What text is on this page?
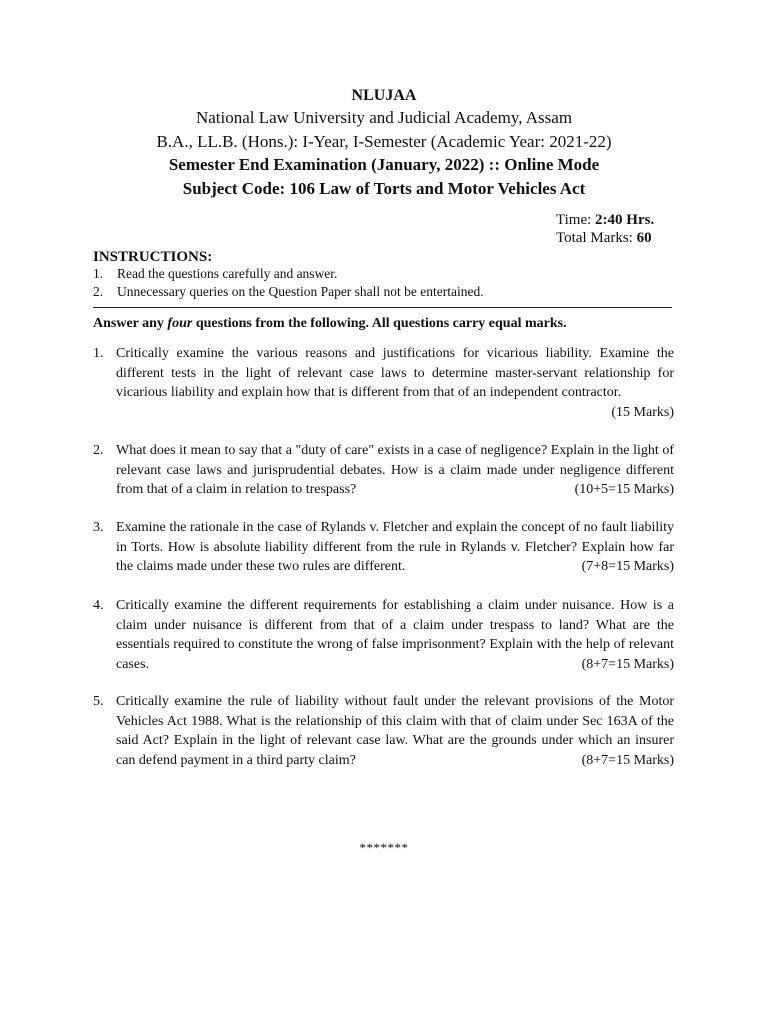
NLUJAA
National Law University and Judicial Academy, Assam
B.A., LL.B. (Hons.): I-Year, I-Semester (Academic Year: 2021-22)
Semester End Examination (January, 2022) :: Online Mode
Subject Code: 106 Law of Torts and Motor Vehicles Act
Time: 2:40 Hrs.
Total Marks: 60
INSTRUCTIONS:
1. Read the questions carefully and answer.
2. Unnecessary queries on the Question Paper shall not be entertained.
Answer any four questions from the following. All questions carry equal marks.
1. Critically examine the various reasons and justifications for vicarious liability. Examine the different tests in the light of relevant case laws to determine master-servant relationship for vicarious liability and explain how that is different from that of an independent contractor.
(15 Marks)
2. What does it mean to say that a "duty of care" exists in a case of negligence? Explain in the light of relevant case laws and jurisprudential debates. How is a claim made under negligence different from that of a claim in relation to trespass?	(10+5=15 Marks)
3. Examine the rationale in the case of Rylands v. Fletcher and explain the concept of no fault liability in Torts. How is absolute liability different from the rule in Rylands v. Fletcher? Explain how far the claims made under these two rules are different.	(7+8=15 Marks)
4. Critically examine the different requirements for establishing a claim under nuisance. How is a claim under nuisance is different from that of a claim under trespass to land? What are the essentials required to constitute the wrong of false imprisonment? Explain with the help of relevant cases.	(8+7=15 Marks)
5. Critically examine the rule of liability without fault under the relevant provisions of the Motor Vehicles Act 1988. What is the relationship of this claim with that of claim under Sec 163A of the said Act? Explain in the light of relevant case law. What are the grounds under which an insurer can defend payment in a third party claim?	(8+7=15 Marks)
*******
